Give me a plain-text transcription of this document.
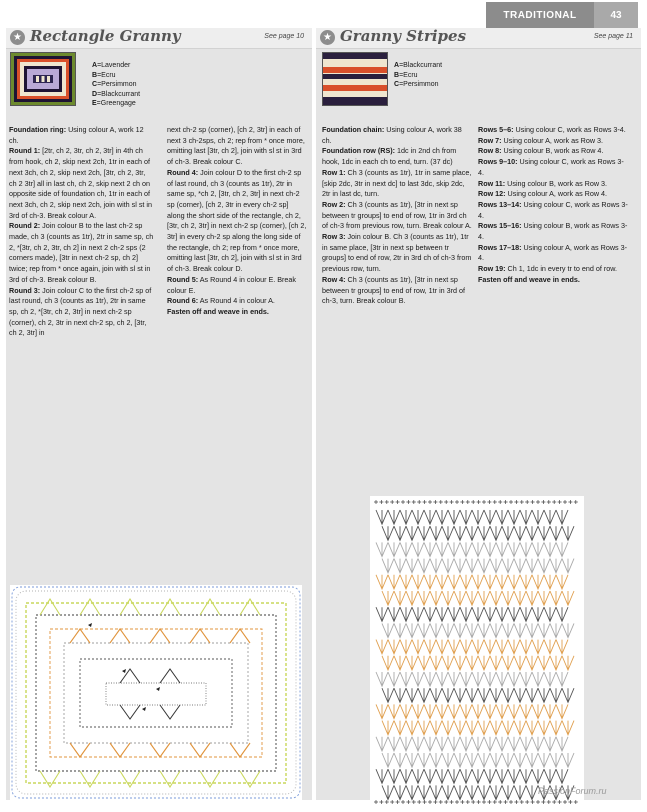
TRADITIONAL	43
★ Rectangle Granny	See page 10
A=Lavender
B=Ecru
C=Persimmon
D=Blackcurrant
E=Greengage

Foundation ring: Using colour A, work 12 ch.

Round 1: [2tr, ch 2, 3tr, ch 2, 3tr] in 4th ch from hook, ch 2, skip next 2ch, 1tr in each of next 3ch, ch 2, skip next 2ch, [3tr, ch 2, 3tr, ch 2 3tr] all in last ch, ch 2, skip next 2 ch on opposite side of foundation ch, 1tr in each of next 3ch, ch 2, skip next 2ch, join with sl st in 3rd of ch-3. Break colour A.

Round 2: Join colour B to the last ch-2 sp made, ch 3 (counts as 1tr), 2tr in same sp, ch 2, *[3tr, ch 2, 3tr, ch 2] in next 2 ch-2 sps (2 corners made), [3tr in next ch-2 sp, ch 2] twice; rep from * once again, join with sl st in 3rd of ch-3. Break colour B.

Round 3: Join colour C to the first ch-2 sp of last round, ch 3 (counts as 1tr), 2tr in same sp, ch 2, *[3tr, ch 2, 3tr] in next ch-2 sp (corner), ch 2, 3tr in next ch-2 sp, ch 2, [3tr, ch 2, 3tr] in

next ch-2 sp (corner), [ch 2, 3tr] in each of next 3 ch-2sps, ch 2; rep from * once more, omitting last [3tr, ch 2], join with sl st in 3rd of ch-3. Break colour C.

Round 4: Join colour D to the first ch-2 sp of last round, ch 3 (counts as 1tr), 2tr in same sp, *ch 2, [3tr, ch 2, 3tr] in next ch-2 sp (corner), [ch 2, 3tr in every ch-2 sp] along the short side of the rectangle, ch 2, [3tr, ch 2, 3tr] in next ch-2 sp (corner), [ch 2, 3tr] in every ch-2 sp along the long side of the rectangle, ch 2; rep from * once more, omitting last [3tr, ch 2], join with sl st in 3rd of ch-3. Break colour D.

Round 5: As Round 4 in colour E. Break colour E.

Round 6: As Round 4 in colour A.

Fasten off and weave in ends.

★ Granny Stripes	See page 11
A=Blackcurrant
B=Ecru
C=Persimmon

Foundation chain: Using colour A, work 38 ch.

Foundation row (RS): 1dc in 2nd ch from hook, 1dc in each ch to end, turn. (37 dc)

Row 1: Ch 3 (counts as 1tr), 1tr in same place, [skip 2dc, 3tr in next dc] to last 3dc, skip 2dc, 2tr in last dc, turn.

Row 2: Ch 3 (counts as 1tr), [3tr in next sp between tr groups] to end of row, 1tr in 3rd ch of ch-3 from previous row, turn. Break colour A.

Row 3: Join colour B. Ch 3 (counts as 1tr), 1tr in same place, [3tr in next sp between tr groups] to end of row, 2tr in 3rd ch of ch-3 from previous row, turn.

Row 4: Ch 3 (counts as 1tr), [3tr in next sp between tr groups] to end of row, 1tr in 3rd of ch-3, turn. Break colour B.

Rows 5–6: Using colour C, work as Rows 3-4.

Row 7: Using colour A, work as Row 3.

Row 8: Using colour B, work as Row 4.

Rows 9–10: Using colour C, work as Rows 3-4.

Row 11: Using colour B, work as Row 3.

Row 12: Using colour A, work as Row 4.

Rows 13–14: Using colour C, work as Rows 3-4.

Rows 15–16: Using colour B, work as Rows 3-4.

Rows 17–18: Using colour A, work as Rows 3-4.

Row 19: Ch 1, 1dc in every tr to end of row.

Fasten off and weave in ends.

PassionForum.ru
